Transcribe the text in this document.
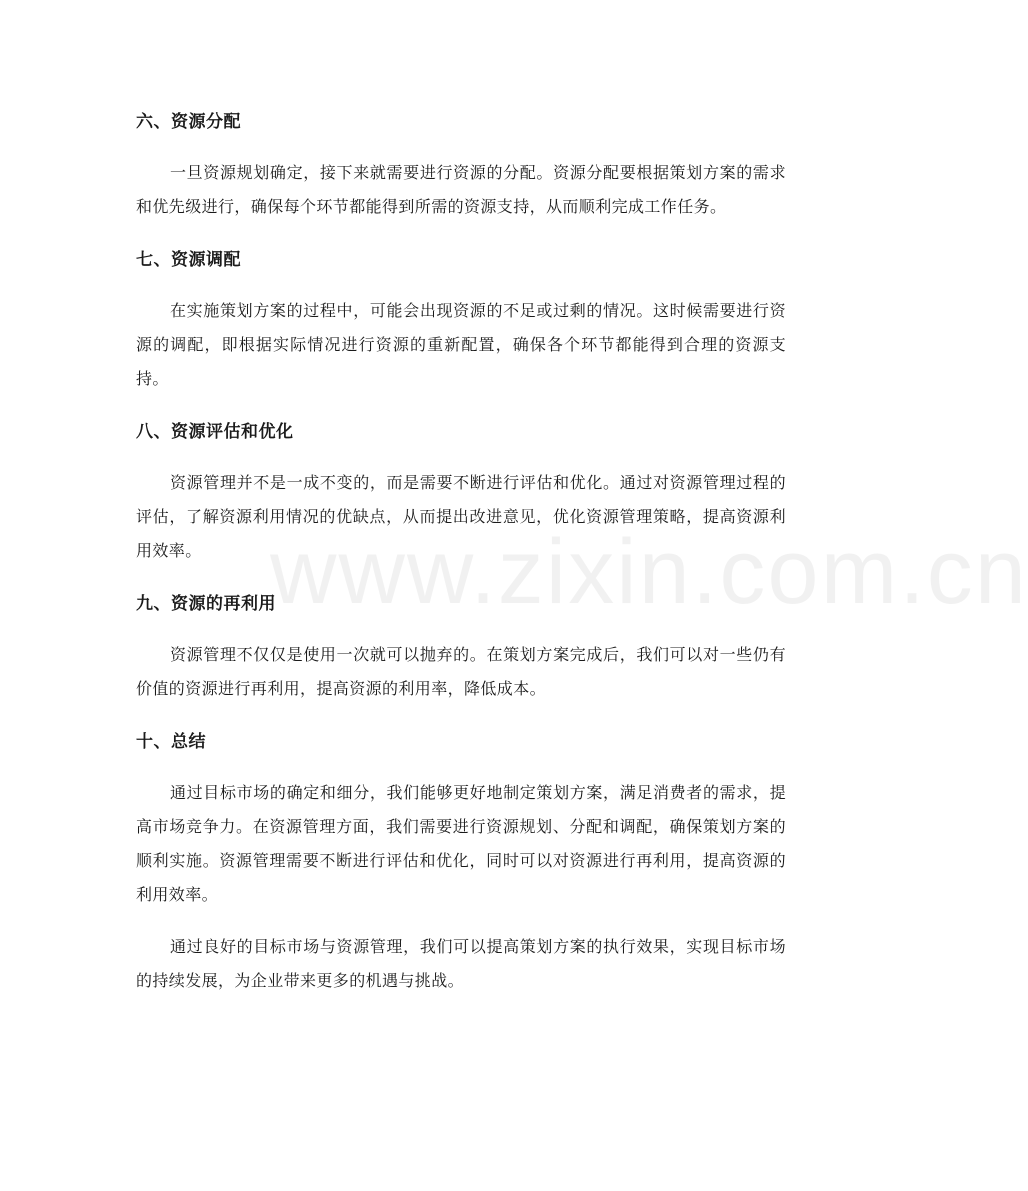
www.zixin.com.cn
六、资源分配

一旦资源规划确定，接下来就需要进行资源的分配。资源分配要根据策划方案的需求和优先级进行，确保每个环节都能得到所需的资源支持，从而顺利完成工作任务。

七、资源调配

在实施策划方案的过程中，可能会出现资源的不足或过剩的情况。这时候需要进行资源的调配，即根据实际情况进行资源的重新配置，确保各个环节都能得到合理的资源支持。

八、资源评估和优化

资源管理并不是一成不变的，而是需要不断进行评估和优化。通过对资源管理过程的评估，了解资源利用情况的优缺点，从而提出改进意见，优化资源管理策略，提高资源利用效率。

九、资源的再利用

资源管理不仅仅是使用一次就可以抛弃的。在策划方案完成后，我们可以对一些仍有价值的资源进行再利用，提高资源的利用率，降低成本。

十、总结

通过目标市场的确定和细分，我们能够更好地制定策划方案，满足消费者的需求，提高市场竞争力。在资源管理方面，我们需要进行资源规划、分配和调配，确保策划方案的顺利实施。资源管理需要不断进行评估和优化，同时可以对资源进行再利用，提高资源的利用效率。

通过良好的目标市场与资源管理，我们可以提高策划方案的执行效果，实现目标市场的持续发展，为企业带来更多的机遇与挑战。
